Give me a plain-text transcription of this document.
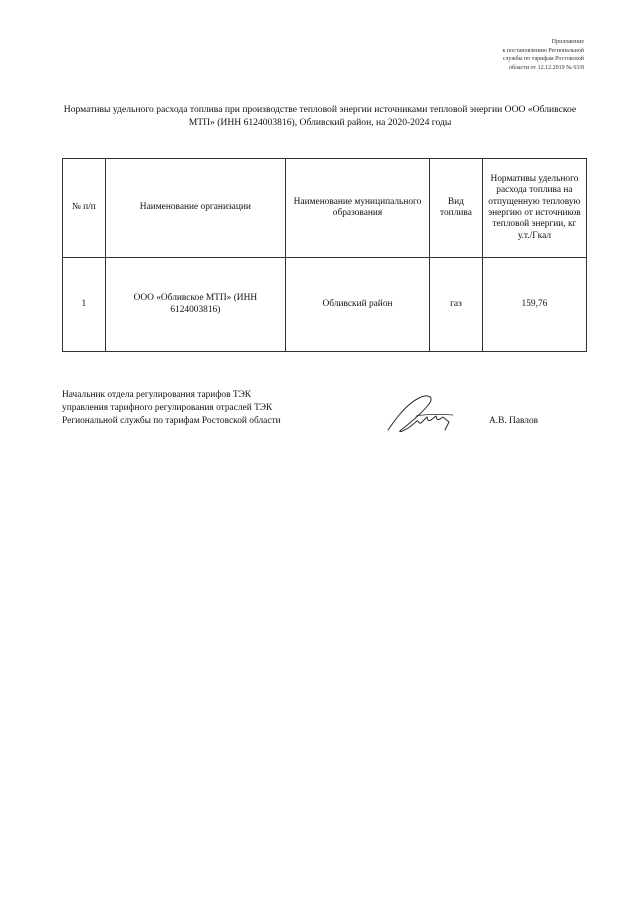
Приложение
к постановлению Региональной
службы по тарифам Ростовской
области от 12.12.2019 № 63/8
Нормативы удельного расхода топлива при производстве тепловой энергии источниками тепловой энергии ООО «Обливское МТП» (ИНН 6124003816), Обливский район, на 2020-2024 годы
№ п/п	Наименование организации	Наименование муниципального образования	Вид топлива	Нормативы удельного расхода топлива на отпущенную тепловую энергию от источников тепловой энергии, кг у.т./Гкал
1	ООО «Обливское МТП» (ИНН 6124003816)	Обливский район	газ	159,76
Начальник отдела регулирования тарифов ТЭК
управления тарифного регулирования отраслей ТЭК
Региональной службы по тарифам Ростовской области	А.В. Павлов
